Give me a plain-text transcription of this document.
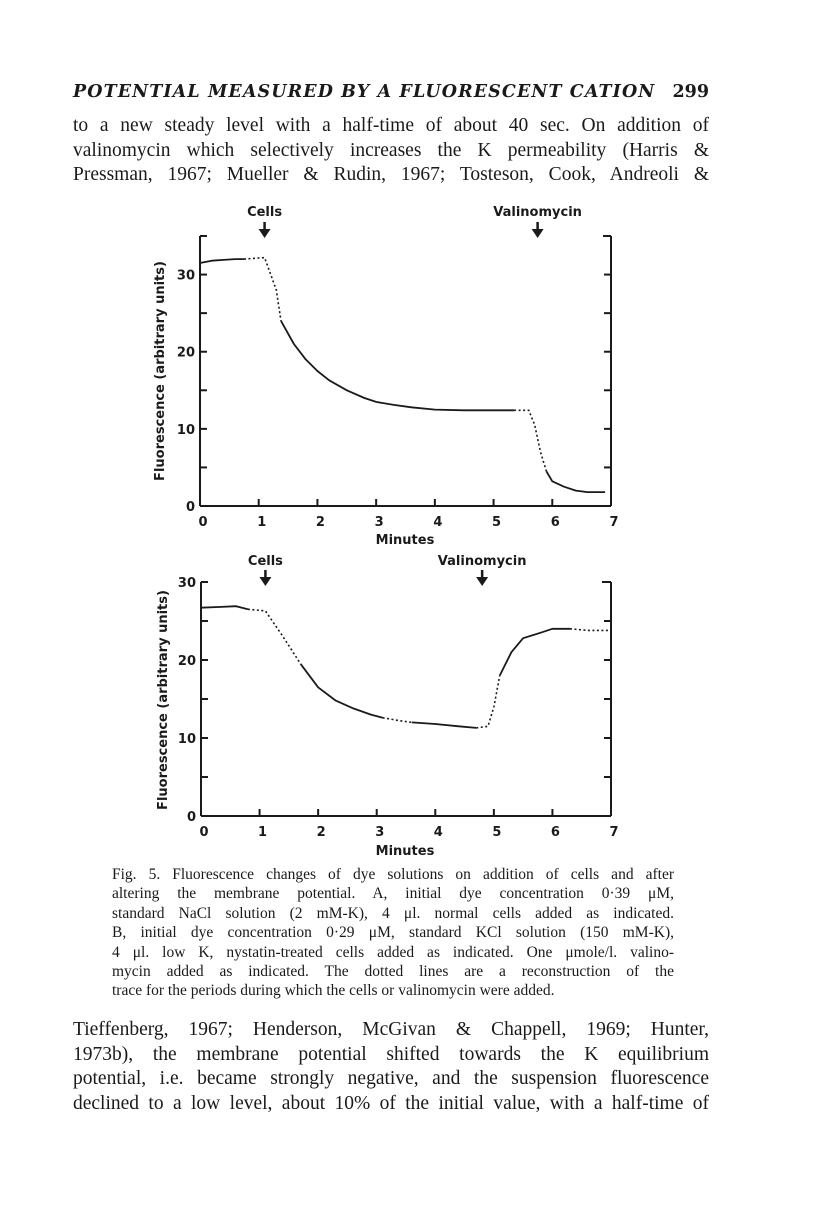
POTENTIAL MEASURED BY A FLUORESCENT CATION 299
to a new steady level with a half-time of about 40 sec. On addition of
valinomycin which selectively increases the K permeability (Harris &
Pressman, 1967; Mueller & Rudin, 1967; Tosteson, Cook, Andreoli &
0	1	2	3	4	5	6	7
0
10
20
30
Cells	Valinomycin
Minutes
Fluorescence (arbitrary units)
0	1	2	3	4	5	6	7
0
10
20
30
Cells	Valinomycin
Minutes
Fluorescence (arbitrary units)
Fig. 5. Fluorescence changes of dye solutions on addition of cells and after
altering the membrane potential. A, initial dye concentration 0·39 μM,
standard NaCl solution (2 mM-K), 4 μl. normal cells added as indicated.
B, initial dye concentration 0·29 μM, standard KCl solution (150 mM-K),
4 μl. low K, nystatin-treated cells added as indicated. One μmole/l. valino-
mycin added as indicated. The dotted lines are a reconstruction of the
trace for the periods during which the cells or valinomycin were added.
Tieffenberg, 1967; Henderson, McGivan & Chappell, 1969; Hunter,
1973b), the membrane potential shifted towards the K equilibrium
potential, i.e. became strongly negative, and the suspension fluorescence
declined to a low level, about 10% of the initial value, with a half-time of
